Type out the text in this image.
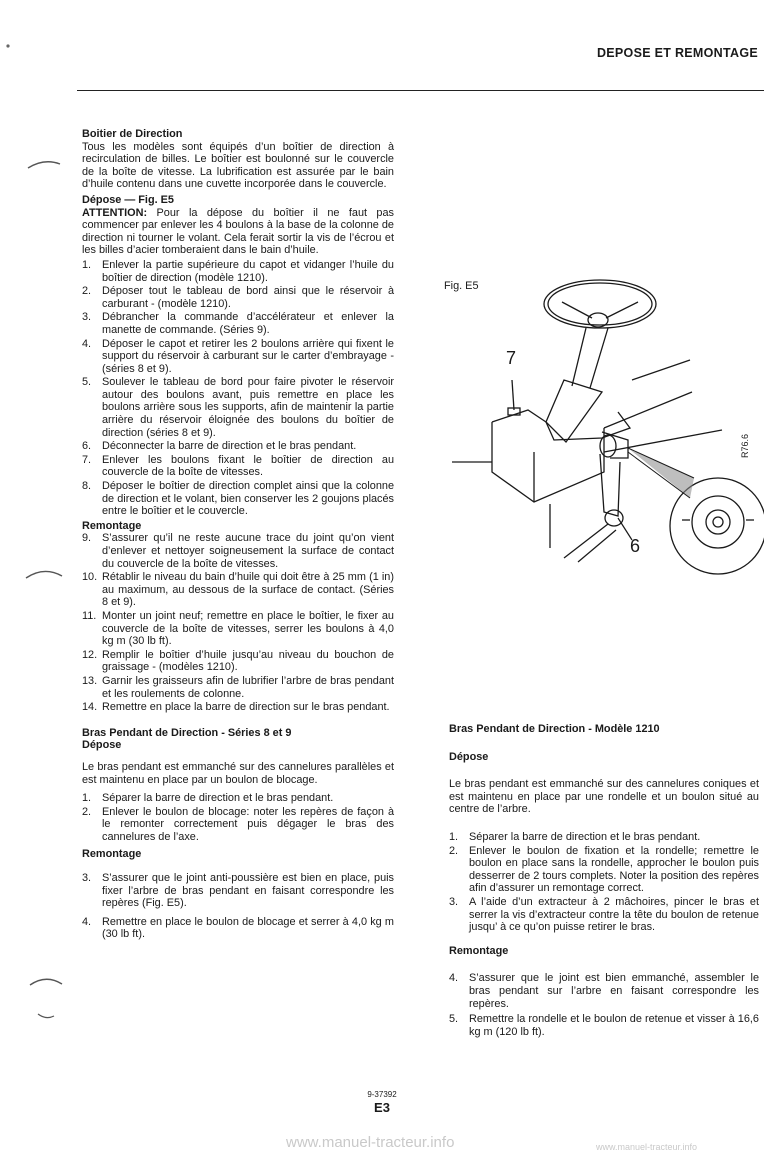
DEPOSE ET REMONTAGE

Boitier de Direction

Tous les modèles sont équipés d’un boîtier de direction à recirculation de billes. Le boîtier est boulonné sur le couvercle de la boîte de vitesse. La lubrification est assurée par le bain d’huile contenu dans une cuvette incorporée dans le couvercle.

Dépose — Fig. E5

ATTENTION: Pour la dépose du boîtier il ne faut pas commencer par enlever les 4 boulons à la base de la colonne de direction ni tourner le volant. Cela ferait sortir la vis de l’écrou et les billes d’acier tomberaient dans le bain d’huile.

1. Enlever la partie supérieure du capot et vidanger l’huile du boîtier de direction (modèle 1210).
2. Déposer tout le tableau de bord ainsi que le réservoir à carburant - (modèle 1210).
3. Débrancher la commande d’accélérateur et enlever la manette de commande. (Séries 9).
4. Déposer le capot et retirer les 2 boulons arrière qui fixent le support du réservoir à carburant sur le carter d’embrayage - (séries 8 et 9).
5. Soulever le tableau de bord pour faire pivoter le réservoir autour des boulons avant, puis remettre en place les boulons arrière sous les supports, afin de maintenir la partie arrière du réservoir éloignée des boulons du boîtier de direction (séries 8 et 9).
6. Déconnecter la barre de direction et le bras pendant.
7. Enlever les boulons fixant le boîtier de direction au couvercle de la boîte de vitesses.
8. Déposer le boîtier de direction complet ainsi que la colonne de direction et le volant, bien conserver les 2 goujons placés entre le boîtier et le couvercle.

Remontage

9. S’assurer qu’il ne reste aucune trace du joint qu’on vient d’enlever et nettoyer soigneusement la surface de contact du couvercle de la boîte de vitesses.
10. Rétablir le niveau du bain d’huile qui doit être à 25 mm (1 in) au maximum, au dessous de la surface de contact. (Séries 8 et 9).
11. Monter un joint neuf; remettre en place le boîtier, le fixer au couvercle de la boîte de vitesses, serrer les boulons à 4,0 kg m (30 lb ft).
12. Remplir le boîtier d’huile jusqu’au niveau du bouchon de graissage - (modèles 1210).
13. Garnir les graisseurs afin de lubrifier l’arbre de bras pendant et les roulements de colonne.
14. Remettre en place la barre de direction sur le bras pendant.

Bras Pendant de Direction - Séries 8 et 9

Dépose

Le bras pendant est emmanché sur des cannelures parallèles et est maintenu en place par un boulon de blocage.

1. Séparer la barre de direction et le bras pendant.
2. Enlever le boulon de blocage: noter les repères de façon à le remonter correctement puis dégager le bras des cannelures de l’axe.

Remontage

3. S’assurer que le joint anti-poussière est bien en place, puis fixer l’arbre de bras pendant en faisant correspondre les repères (Fig. E5).
4. Remettre en place le boulon de blocage et serrer à 4,0 kg m (30 lb ft).
Fig. E5
7
6
R76.6

Bras Pendant de Direction - Modèle 1210

Dépose

Le bras pendant est emmanché sur des cannelures coniques et est maintenu en place par une rondelle et un boulon situé au centre de l’arbre.

1. Séparer la barre de direction et le bras pendant.
2. Enlever le boulon de fixation et la rondelle; remettre le boulon en place sans la rondelle, approcher le boulon puis desserrer de 2 tours complets. Noter la position des repères afin d’assurer un remontage correct.
3. A l’aide d’un extracteur à 2 mâchoires, pincer le bras et serrer la vis d’extracteur contre la tête du boulon de retenue jusqu’ à ce qu’on puisse retirer le bras.

Remontage

4. S’assurer que le joint est bien emmanché, assembler le bras pendant sur l’arbre en faisant correspondre les repères.
5. Remettre la rondelle et le boulon de retenue et visser à 16,6 kg m (120 lb ft).
9-37392
E3
www.manuel-tracteur.info	www.manuel-tracteur.info
